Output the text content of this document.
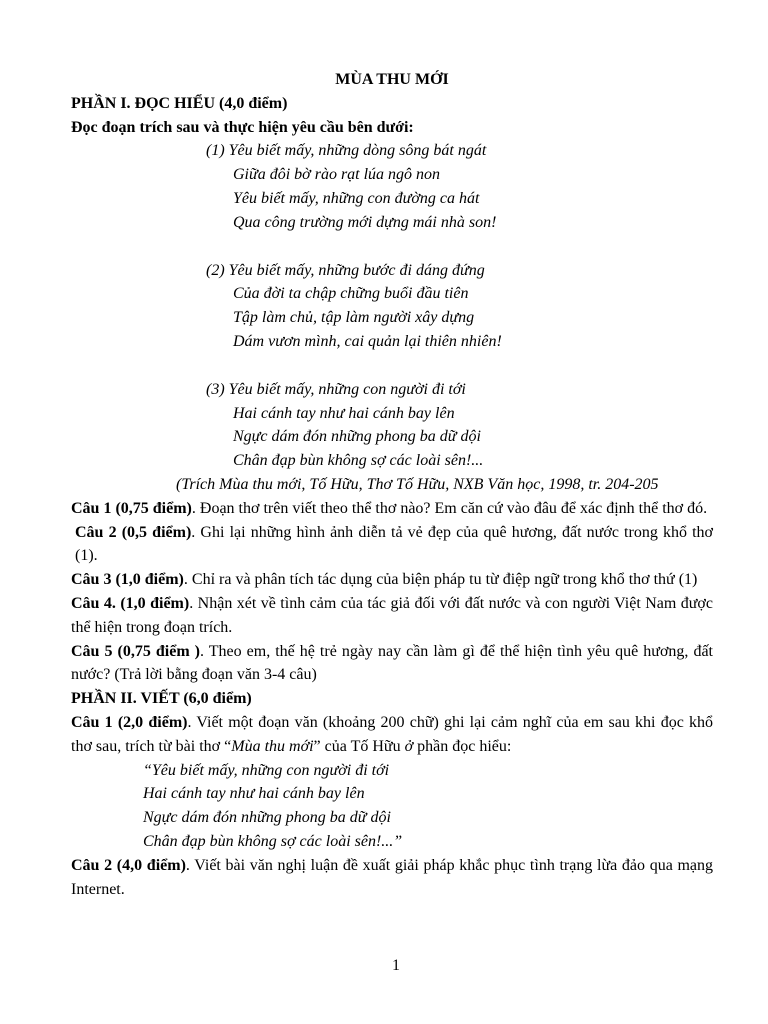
MÙA THU MỚI

PHẦN I. ĐỌC HIỂU (4,0 điểm)

Đọc đoạn trích sau và thực hiện yêu cầu bên dưới:

(1) Yêu biết mấy, những dòng sông bát ngát
Giữa đôi bờ rào rạt lúa ngô non
Yêu biết mấy, những con đường ca hát
Qua công trường mới dựng mái nhà son!
(2) Yêu biết mấy, những bước đi dáng đứng
Của đời ta chập chững buổi đầu tiên
Tập làm chủ, tập làm người xây dựng
Dám vươn mình, cai quản lại thiên nhiên!
(3) Yêu biết mấy, những con người đi tới
Hai cánh tay như hai cánh bay lên
Ngực dám đón những phong ba dữ dội
Chân đạp bùn không sợ các loài sên!...

(Trích Mùa thu mới, Tố Hữu, Thơ Tố Hữu, NXB Văn học, 1998, tr. 204-205

Câu 1 (0,75 điểm). Đoạn thơ trên viết theo thể thơ nào? Em căn cứ vào đâu để xác định thể thơ đó.

Câu 2 (0,5 điểm). Ghi lại những hình ảnh diễn tả vẻ đẹp của quê hương, đất nước trong khổ thơ (1).

Câu 3 (1,0 điểm). Chỉ ra và phân tích tác dụng của biện pháp tu từ điệp ngữ trong khổ thơ thứ (1)

Câu 4. (1,0 điểm). Nhận xét về tình cảm của tác giả đối với đất nước và con người Việt Nam được thể hiện trong đoạn trích.

Câu 5 (0,75 điểm ). Theo em, thế hệ trẻ ngày nay cần làm gì để thể hiện tình yêu quê hương, đất nước? (Trả lời bằng đoạn văn 3-4 câu)

PHẦN II. VIẾT (6,0 điểm)

Câu 1 (2,0 điểm). Viết một đoạn văn (khoảng 200 chữ) ghi lại cảm nghĩ của em sau khi đọc khổ thơ sau, trích từ bài thơ “Mùa thu mới” của Tố Hữu ở phần đọc hiểu:

“Yêu biết mấy, những con người đi tới
Hai cánh tay như hai cánh bay lên
Ngực dám đón những phong ba dữ dội
Chân đạp bùn không sợ các loài sên!...”

Câu 2 (4,0 điểm). Viết bài văn nghị luận đề xuất giải pháp khắc phục tình trạng lừa đảo qua mạng Internet.

1
